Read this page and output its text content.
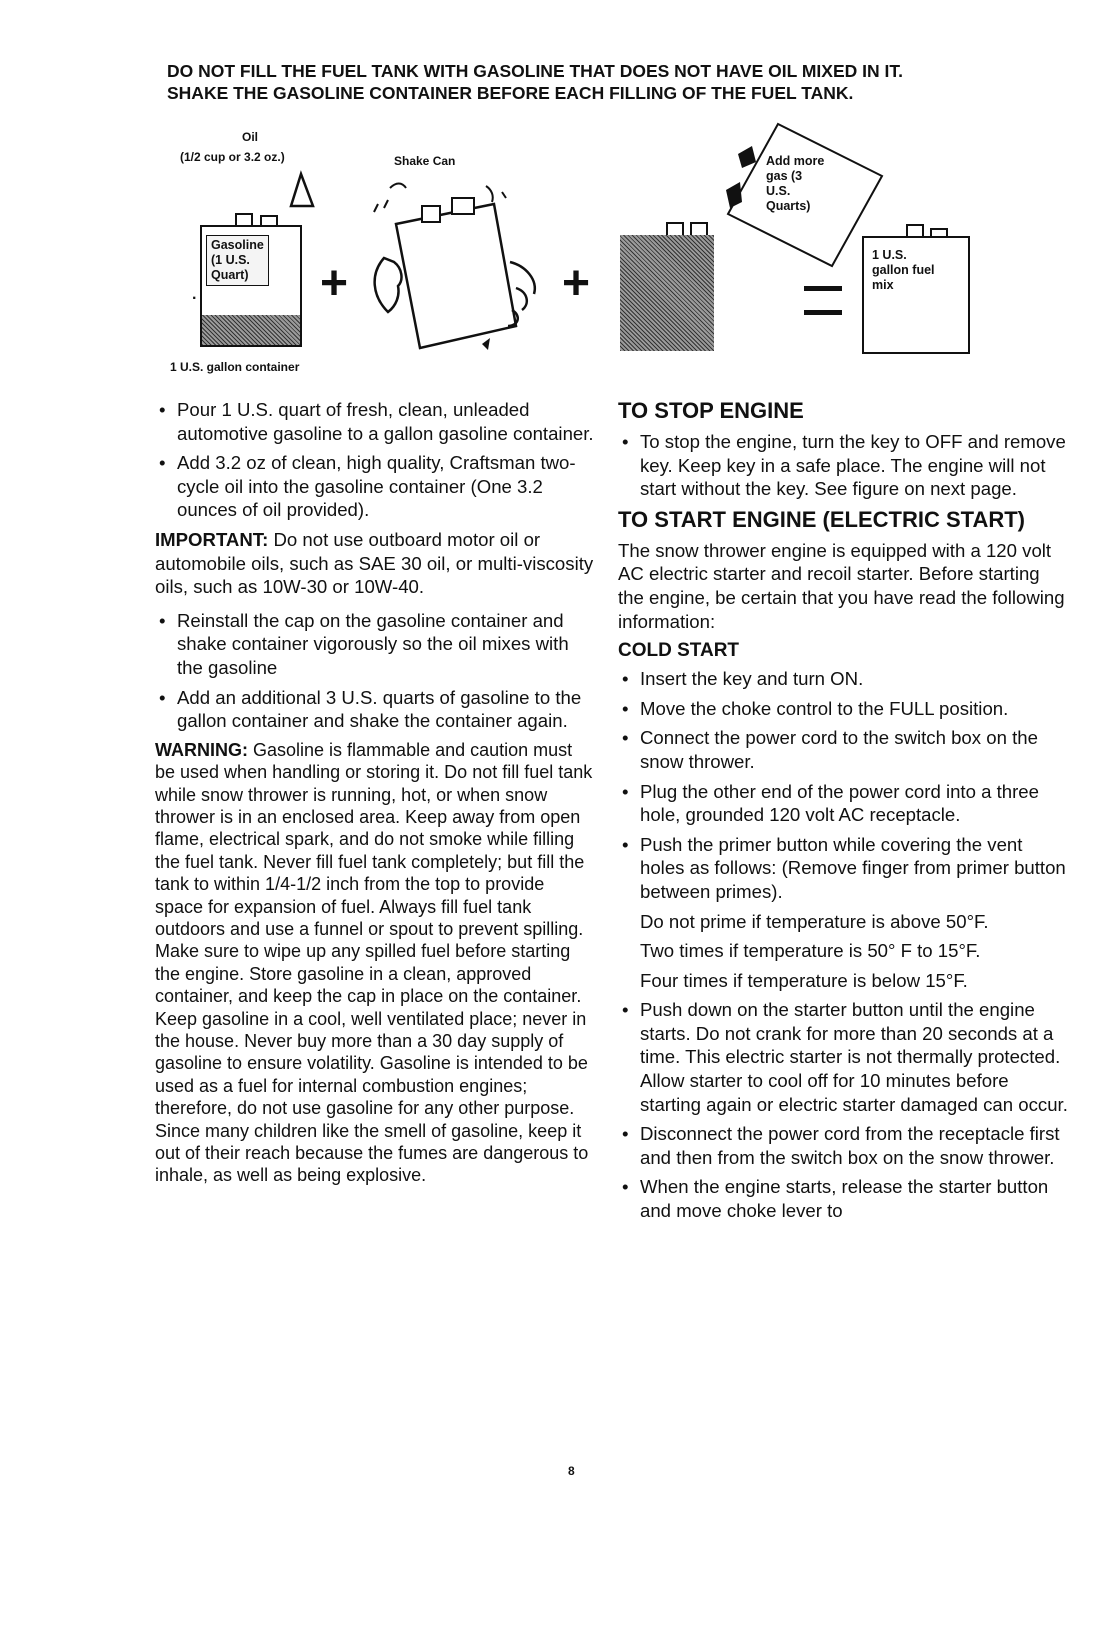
DO NOT FILL THE FUEL TANK WITH GASOLINE THAT DOES NOT HAVE OIL MIXED IN IT.
SHAKE THE GASOLINE CONTAINER BEFORE EACH FILLING OF THE FUEL TANK.
Oil
(1/2 cup or 3.2 oz.)	Shake Can
Gasoline
(1 U.S.
Quart)
·	+	+
Add more
gas (3
U.S.
Quarts)
1 U.S.
gallon fuel
mix
1 U.S. gallon container
• Pour 1 U.S. quart of fresh, clean, unleaded automotive gasoline to a gallon gasoline container.
• Add 3.2 oz of clean, high quality, Craftsman two-cycle oil into the gasoline container (One 3.2 ounces of oil provided).

IMPORTANT: Do not use outboard motor oil or automobile oils, such as SAE 30 oil, or multi-viscosity oils, such as 10W-30 or 10W-40.

• Reinstall the cap on the gasoline container and shake container vigorously so the oil mixes with the gasoline
• Add an additional 3 U.S. quarts of gasoline to the gallon container and shake the container again.

WARNING: Gasoline is flammable and caution must be used when handling or storing it. Do not fill fuel tank while snow thrower is running, hot, or when snow thrower is in an enclosed area. Keep away from open flame, electrical spark, and do not smoke while filling the fuel tank. Never fill fuel tank completely; but fill the tank to within 1/4-1/2 inch from the top to provide space for expansion of fuel. Always fill fuel tank outdoors and use a funnel or spout to prevent spilling. Make sure to wipe up any spilled fuel before starting the engine. Store gasoline in a clean, approved container, and keep the cap in place on the container. Keep gasoline in a cool, well ventilated place; never in the house. Never buy more than a 30 day supply of gasoline to ensure volatility. Gasoline is intended to be used as a fuel for internal combustion engines; therefore, do not use gasoline for any other purpose. Since many children like the smell of gasoline, keep it out of their reach because the fumes are dangerous to inhale, as well as being explosive.

TO STOP ENGINE
• To stop the engine, turn the key to OFF and remove key. Keep key in a safe place. The engine will not start without the key. See figure on next page.
TO START ENGINE (ELECTRIC START)

The snow thrower engine is equipped with a 120 volt AC electric starter and recoil starter. Before starting the engine, be certain that you have read the following information:

COLD START
• Insert the key and turn ON.
• Move the choke control to the FULL position.
• Connect the power cord to the switch box on the snow thrower.
• Plug the other end of the power cord into a three hole, grounded 120 volt AC receptacle.
• Push the primer button while covering the vent holes as follows: (Remove finger from primer button between primes).
Do not prime if temperature is above 50°F.
Two times if temperature is 50° F to 15°F.
Four times if temperature is below 15°F.
• Push down on the starter button until the engine starts. Do not crank for more than 20 seconds at a time. This electric starter is not thermally protected. Allow starter to cool off for 10 minutes before starting again or electric starter damaged can occur.
• Disconnect the power cord from the receptacle first and then from the switch box on the snow thrower.
• When the engine starts, release the starter button and move choke lever to
8
